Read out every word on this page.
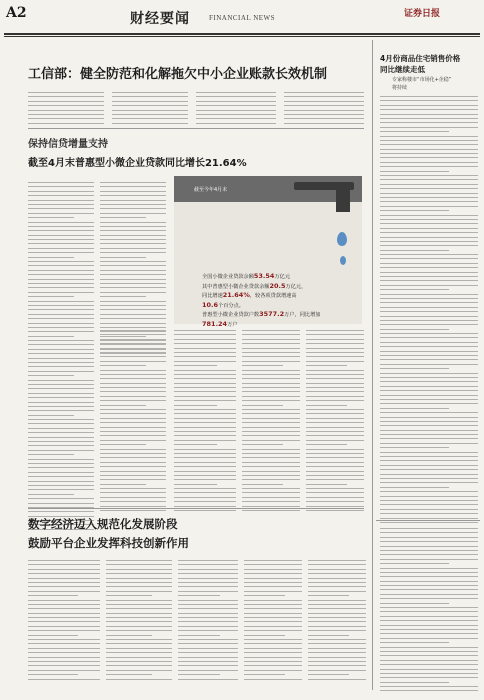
A2	财经要闻	FINANCIAL NEWS	证券日报
工信部：健全防范和化解拖欠中小企业账款长效机制
保持信贷增量支持
截至4月末普惠型小微企业贷款同比增长21.64%
截至今年4月末
全国小微企业贷款余额53.54万亿元
其中普惠型小微企业贷款余额20.5万亿元，
同比增速21.64%，较各项贷款增速高
10.6个百分点。
普惠型小微企业贷款户数3577.2万户，同比增加
781.24万户
数字经济迈入规范化发展阶段
鼓励平台企业发挥科技创新作用
4月份商品住宅销售价格
同比继续走低
专家称楼市“市场化+企稳”
将持续
